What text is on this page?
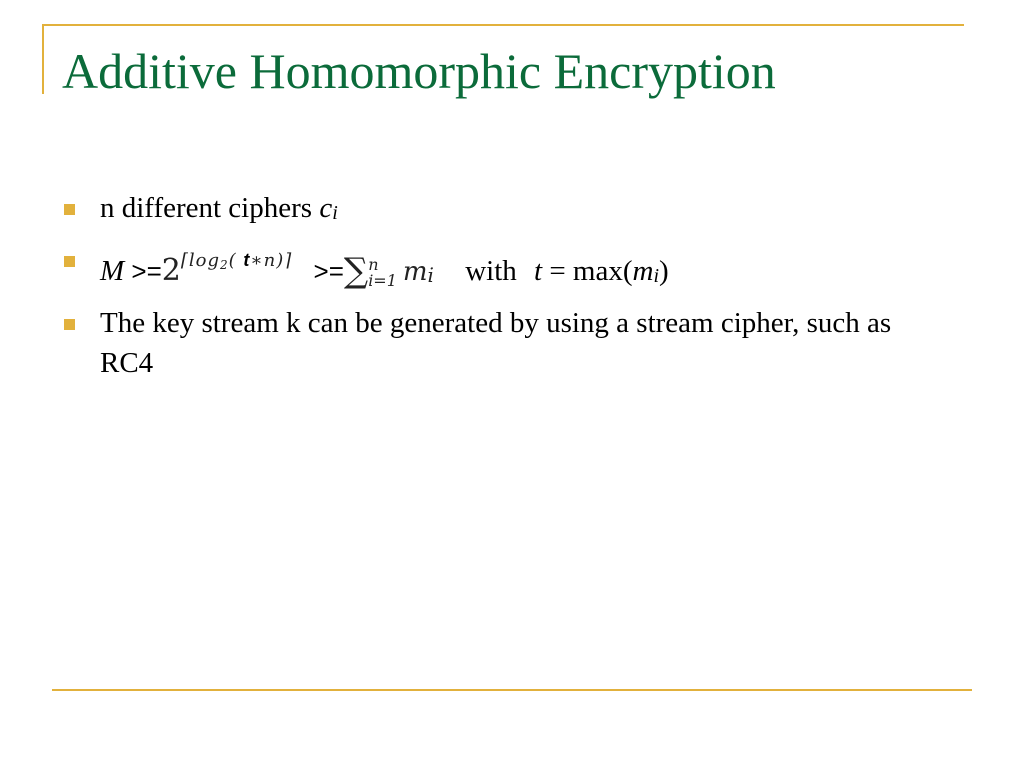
Additive Homomorphic Encryption
n different ciphers ci
$M >=2^{⌈log2( t∗n)⌉}$ >=∑ n
i=1 mi with t = max(mi)
The key stream k can be generated by using a stream cipher, such as RC4
